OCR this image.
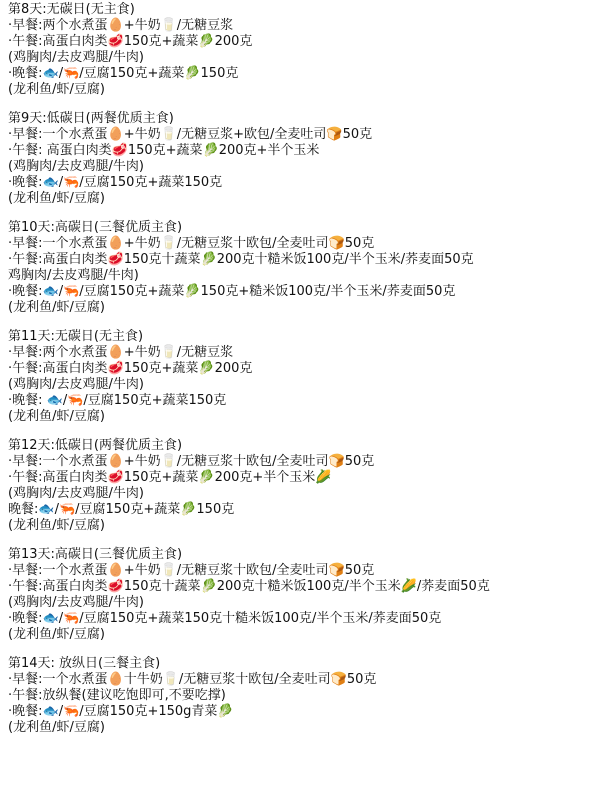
第8天:无碳日(无主食)
·早餐:两个水煮蛋🥚+牛奶🥛/无糖豆浆
·午餐:高蛋白肉类🥩150克+蔬菜🥬200克
(鸡胸肉/去皮鸡腿/牛肉)
·晚餐:🐟/🦐/豆腐150克+蔬菜🥬150克
(龙利鱼/虾/豆腐)
第9天:低碳日(两餐优质主食)
·早餐:一个水煮蛋🥚+牛奶🥛/无糖豆浆+欧包/全麦吐司🍞50克
·午餐: 高蛋白肉类🥩150克+蔬菜🥬200克+半个玉米
(鸡胸肉/去皮鸡腿/牛肉)
·晚餐:🐟/🦐/豆腐150克+蔬菜150克
(龙利鱼/虾/豆腐)
第10天:高碳日(三餐优质主食)
·早餐:一个水煮蛋🥚+牛奶🥛/无糖豆浆十欧包/全麦吐司🍞50克
·午餐:高蛋白肉类🥩150克十蔬菜🥬200克十糙米饭100克/半个玉米/荞麦面50克
鸡胸肉/去皮鸡腿/牛肉)
·晚餐:🐟/🦐/豆腐150克+蔬菜🥬150克+糙米饭100克/半个玉米/荞麦面50克
(龙利鱼/虾/豆腐)
第11天:无碳日(无主食)
·早餐:两个水煮蛋🥚+牛奶🥛/无糖豆浆
·午餐:高蛋白肉类🥩150克+蔬菜🥬200克
(鸡胸肉/去皮鸡腿/牛肉)
·晚餐: 🐟/🦐/豆腐150克+蔬菜150克
(龙利鱼/虾/豆腐)
第12天:低碳日(两餐优质主食)
·早餐:一个水煮蛋🥚+牛奶🥛/无糖豆浆十欧包/全麦吐司🍞50克
·午餐:高蛋白肉类🥩150克+蔬菜🥬200克+半个玉米🌽
(鸡胸肉/去皮鸡腿/牛肉)
晚餐:🐟/🦐/豆腐150克+蔬菜🥬150克
(龙利鱼/虾/豆腐)
第13天:高碳日(三餐优质主食)
·早餐:一个水煮蛋🥚+牛奶🥛/无糖豆浆十欧包/全麦吐司🍞50克
·午餐:高蛋白肉类🥩150克十蔬菜🥬200克十糙米饭100克/半个玉米🌽/荞麦面50克
(鸡胸肉/去皮鸡腿/牛肉)
·晚餐:🐟/🦐/豆腐150克+蔬菜150克十糙米饭100克/半个玉米/荞麦面50克
(龙利鱼/虾/豆腐)
第14天: 放纵日(三餐主食)
·早餐:一个水煮蛋🥚十牛奶🥛/无糖豆浆十欧包/全麦吐司🍞50克
·午餐:放纵餐(建议吃饱即可,不要吃撑)
·晚餐:🐟/🦐/豆腐150克+150g青菜🥬
(龙利鱼/虾/豆腐)
